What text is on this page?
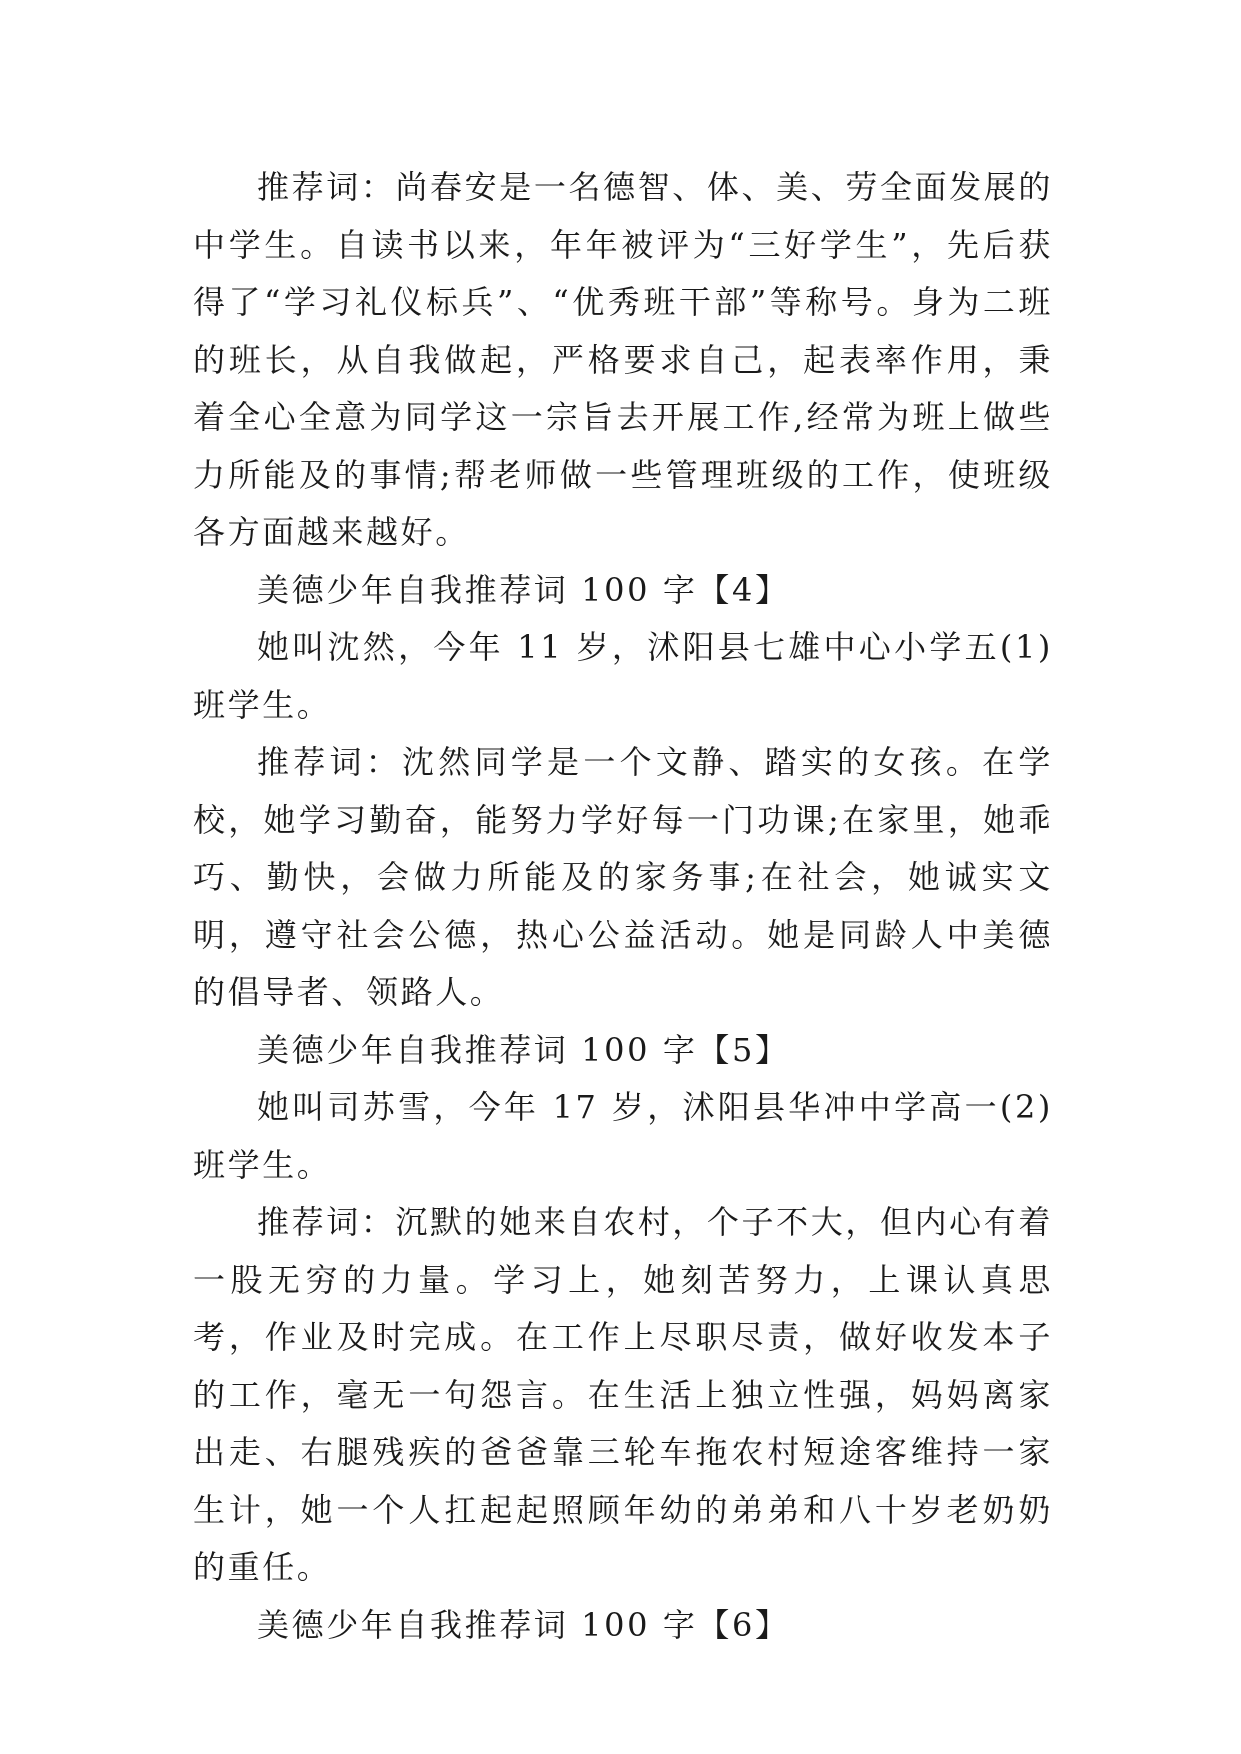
推荐词：尚春安是一名德智、体、美、劳全面发展的中学生。自读书以来，年年被评为“三好学生”，先后获得了“学习礼仪标兵”、“优秀班干部”等称号。身为二班的班长，从自我做起，严格要求自己，起表率作用，秉着全心全意为同学这一宗旨去开展工作,经常为班上做些力所能及的事情;帮老师做一些管理班级的工作，使班级各方面越来越好。

美德少年自我推荐词 100 字【4】

她叫沈然，今年 11 岁，沭阳县七雄中心小学五(1)班学生。

推荐词：沈然同学是一个文静、踏实的女孩。在学校，她学习勤奋，能努力学好每一门功课;在家里，她乖巧、勤快，会做力所能及的家务事;在社会，她诚实文明，遵守社会公德，热心公益活动。她是同龄人中美德的倡导者、领路人。

美德少年自我推荐词 100 字【5】

她叫司苏雪，今年 17 岁，沭阳县华冲中学高一(2)班学生。

推荐词：沉默的她来自农村，个子不大，但内心有着一股无穷的力量。学习上，她刻苦努力，上课认真思考，作业及时完成。在工作上尽职尽责，做好收发本子的工作，毫无一句怨言。在生活上独立性强，妈妈离家出走、右腿残疾的爸爸靠三轮车拖农村短途客维持一家生计，她一个人扛起起照顾年幼的弟弟和八十岁老奶奶的重任。

美德少年自我推荐词 100 字【6】
